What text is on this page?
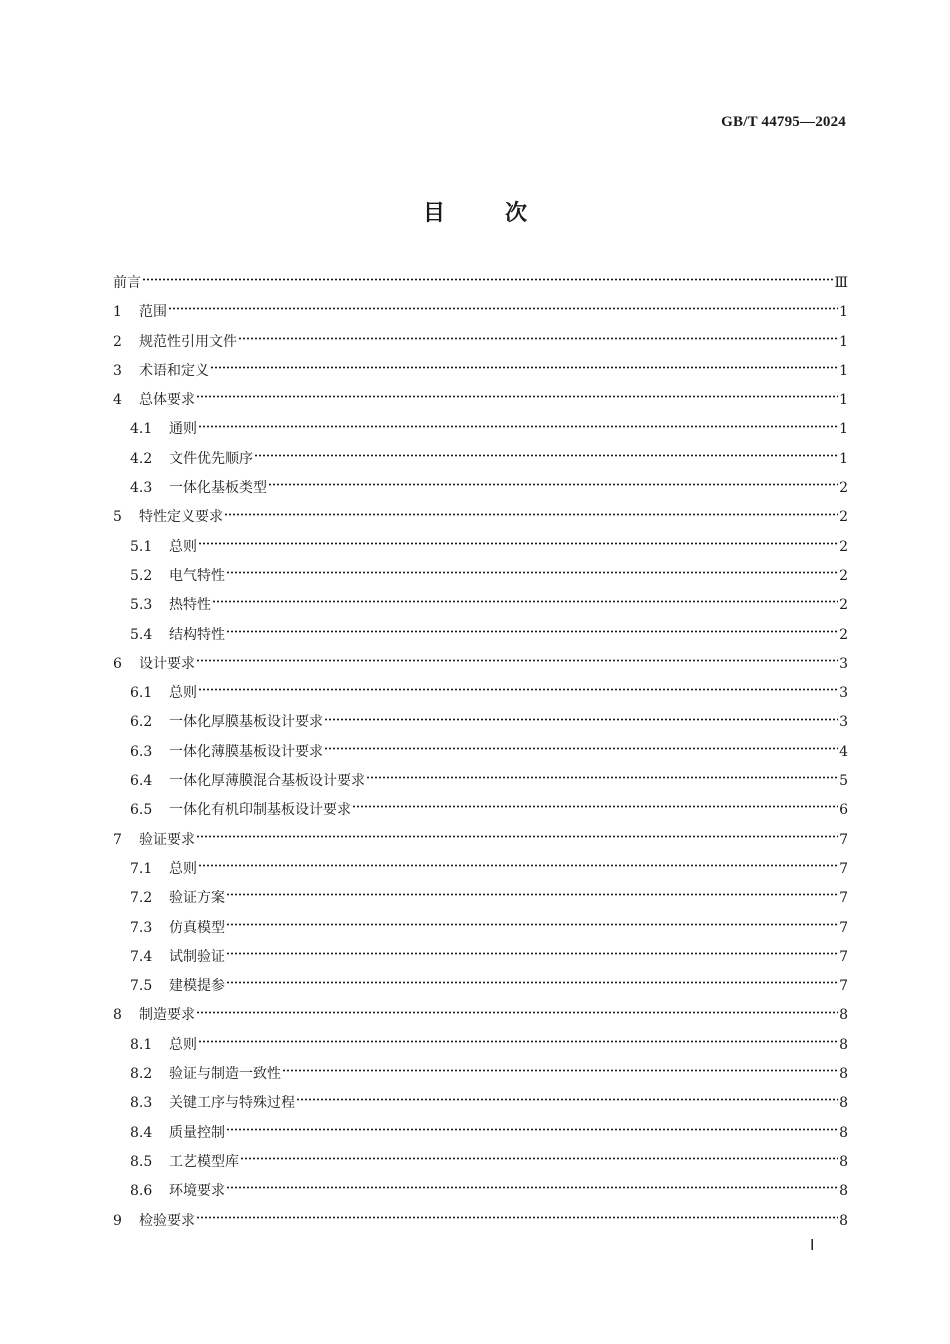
GB/T 44795—2024
目	次
前言	Ⅲ
1	范围	1
2	规范性引用文件	1
3	术语和定义	1
4	总体要求	1
4.1	通则	1
4.2	文件优先顺序	1
4.3	一体化基板类型	2
5	特性定义要求	2
5.1	总则	2
5.2	电气特性	2
5.3	热特性	2
5.4	结构特性	2
6	设计要求	3
6.1	总则	3
6.2	一体化厚膜基板设计要求	3
6.3	一体化薄膜基板设计要求	4
6.4	一体化厚薄膜混合基板设计要求	5
6.5	一体化有机印制基板设计要求	6
7	验证要求	7
7.1	总则	7
7.2	验证方案	7
7.3	仿真模型	7
7.4	试制验证	7
7.5	建模提参	7
8	制造要求	8
8.1	总则	8
8.2	验证与制造一致性	8
8.3	关键工序与特殊过程	8
8.4	质量控制	8
8.5	工艺模型库	8
8.6	环境要求	8
9	检验要求	8
Ⅰ
